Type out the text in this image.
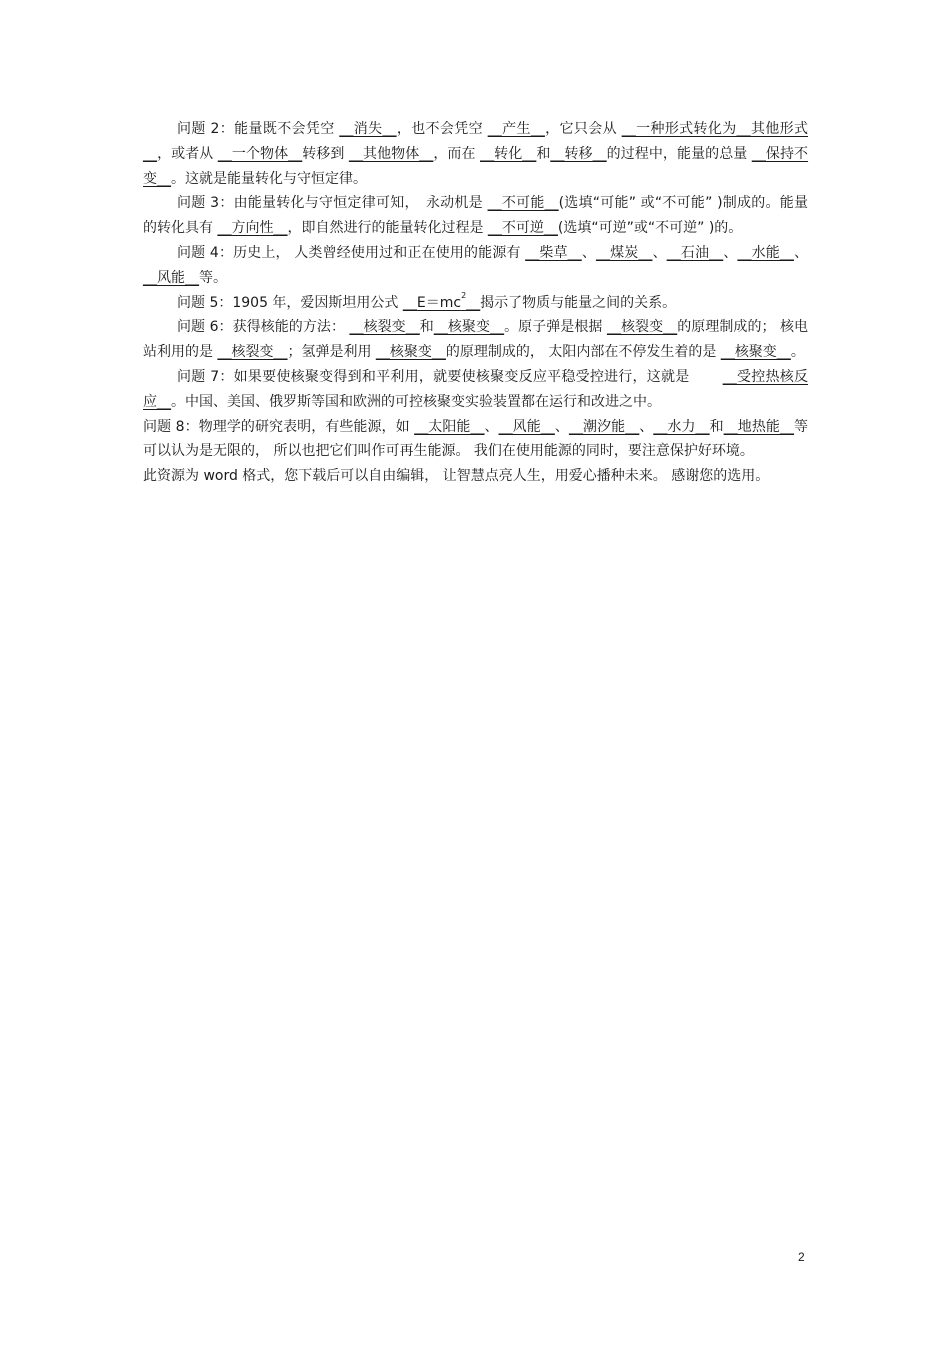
问题 2：能量既不会凭空 __消失__，也不会凭空 __产生__，它只会从 __一种形式转化为__其他形式__，或者从 __一个物体__转移到 __其他物体__，而在 __转化__和__转移__的过程中，能量的总量 __保持不变__。这就是能量转化与守恒定律。

问题 3：由能量转化与守恒定律可知，　永动机是 __不可能__(选填“可能” 或“不可能” )制成的。能量的转化具有 __方向性__，即自然进行的能量转化过程是 __不可逆__(选填“可逆”或“不可逆” )的。

问题 4：历史上， 人类曾经使用过和正在使用的能源有 __柴草__、__煤炭__、__石油__、__水能__、__风能__等。

问题 5：1905 年，爱因斯坦用公式 $\_\_E=mc^2\_\_$揭示了物质与能量之间的关系。

问题 6：获得核能的方法： __核裂变__和__核聚变__。原子弹是根据 __核裂变__的原理制成的； 核电站利用的是 __核裂变__；氢弹是利用 __核聚变__的原理制成的， 太阳内部在不停发生着的是 __核聚变__。

问题 7：如果要使核聚变得到和平利用，就要使核聚变反应平稳受控进行，这就是　　 __受控热核反应__。中国、美国、俄罗斯等国和欧洲的可控核聚变实验装置都在运行和改进之中。

问题 8：物理学的研究表明，有些能源，如 __太阳能__、__风能__、__潮汐能__、__水力__和__地热能__等可以认为是无限的， 所以也把它们叫作可再生能源。 我们在使用能源的同时，要注意保护好环境。

此资源为 word 格式，您下载后可以自由编辑， 让智慧点亮人生，用爱心播种未来。 感谢您的选用。

2
